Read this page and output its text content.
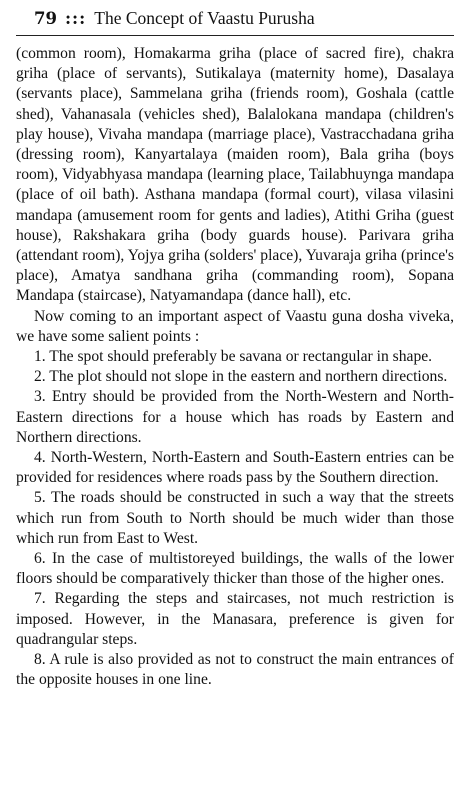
79 ::: The Concept of Vaastu Purusha

(common room), Homakarma griha (place of sacred fire), chakra griha (place of servants), Sutikalaya (maternity home), Dasalaya (servants place), Sammelana griha (friends room), Goshala (cattle shed), Vahanasala (vehicles shed), Balalokana mandapa (children's play house), Vivaha mandapa (marriage place), Vastracchadana griha (dressing room), Kanyartalaya (maiden room), Bala griha (boys room), Vidyabhyasa mandapa (learning place, Tailabhuynga mandapa (place of oil bath). Asthana mandapa (formal court), vilasa vilasini mandapa (amusement room for gents and ladies), Atithi Griha (guest house), Rakshakara griha (body guards house). Parivara griha (attendant room), Yojya griha (solders' place), Yuvaraja griha (prince's place), Amatya sandhana griha (commanding room), Sopana Mandapa (staircase), Natyamandapa (dance hall), etc.

Now coming to an important aspect of Vaastu guna dosha viveka, we have some salient points :

1. The spot should preferably be savana or rectangular in shape.

2. The plot should not slope in the eastern and northern directions.

3. Entry should be provided from the North-Western and North-Eastern directions for a house which has roads by Eastern and Northern directions.

4. North-Western, North-Eastern and South-Eastern entries can be provided for residences where roads pass by the Southern direction.

5. The roads should be constructed in such a way that the streets which run from South to North should be much wider than those which run from East to West.

6. In the case of multistoreyed buildings, the walls of the lower floors should be comparatively thicker than those of the higher ones.

7. Regarding the steps and staircases, not much restriction is imposed. However, in the Manasara, preference is given for quadrangular steps.

8. A rule is also provided as not to construct the main entrances of the opposite houses in one line.
